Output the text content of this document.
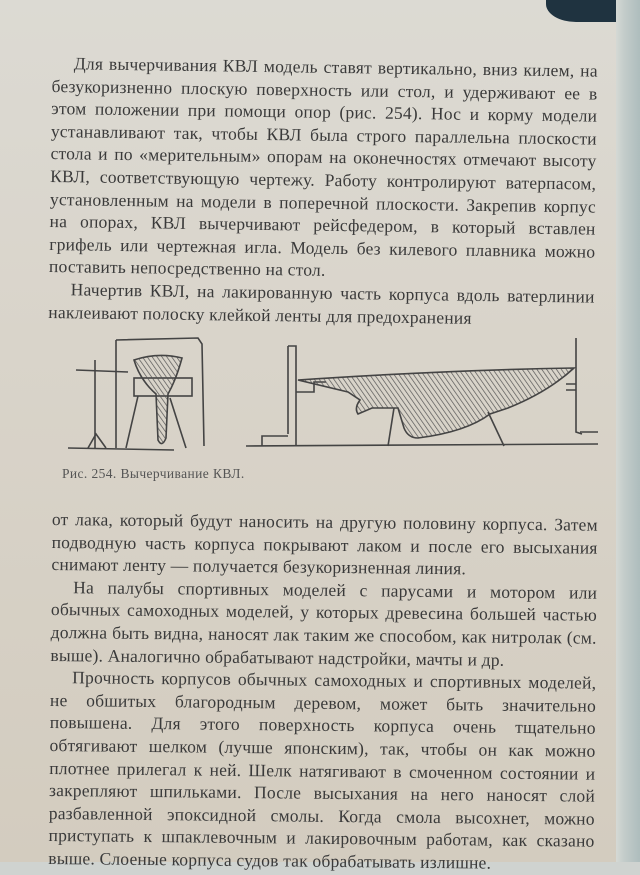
Для вычерчивания КВЛ модель ставят вертикально, вниз килем, на безукоризненно плоскую поверхность или стол, и удерживают ее в этом положении при помощи опор (рис. 254). Нос и корму модели устанавливают так, чтобы КВЛ была строго параллельна плоскости стола и по «мерительным» опорам на оконечностях отмечают высоту КВЛ, соответствующую чертежу. Работу контролируют ватерпасом, установленным на модели в поперечной плоскости. Закрепив корпус на опорах, КВЛ вычерчивают рейсфедером, в который вставлен грифель или чертежная игла. Модель без килевого плавника можно поставить непосредственно на стол.

Начертив КВЛ, на лакированную часть корпуса вдоль ватерлинии наклеивают полоску клейкой ленты для предохранения

Рис. 254. Вычерчивание КВЛ.

от лака, который будут наносить на другую половину корпуса. Затем подводную часть корпуса покрывают лаком и после его высыхания снимают ленту — получается безукоризненная линия.

На палубы спортивных моделей с парусами и мотором или обычных самоходных моделей, у которых древесина большей частью должна быть видна, наносят лак таким же способом, как нитролак (см. выше). Аналогично обрабатывают надстройки, мачты и др.

Прочность корпусов обычных самоходных и спортивных моделей, не обшитых благородным деревом, может быть значительно повышена. Для этого поверхность корпуса очень тщательно обтягивают шелком (лучше японским), так, чтобы он как можно плотнее прилегал к ней. Шелк натягивают в смоченном состоянии и закрепляют шпильками. После высыхания на него наносят слой разбавленной эпоксидной смолы. Когда смола высохнет, можно приступать к шпаклевочным и лакировочным работам, как сказано выше. Слоеные корпуса судов так обрабатывать излишне.
